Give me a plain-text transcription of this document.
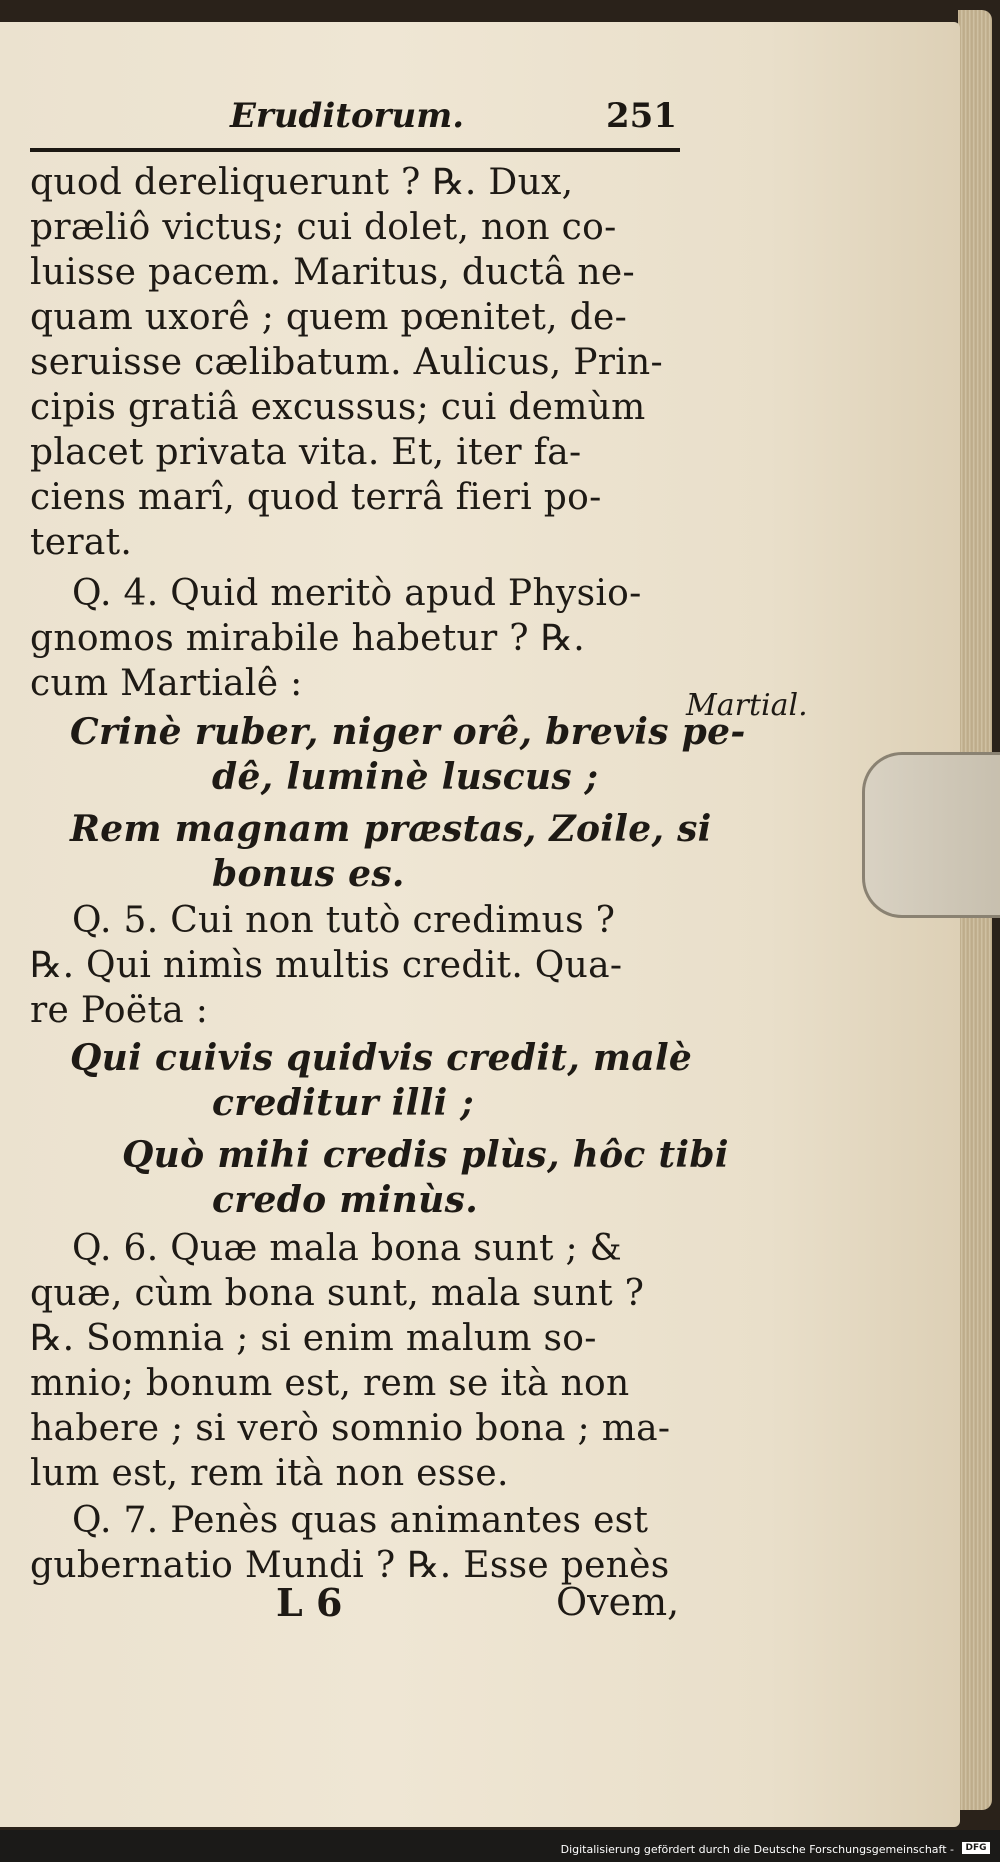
Eruditorum.	251
quod dereliquerunt ? ℞. Dux,
præliô victus; cui dolet, non co-
luisse pacem. Maritus, ductâ ne-
quam uxorê ; quem pœnitet, de-
seruisse cælibatum. Aulicus, Prin-
cipis gratiâ excussus; cui demùm
placet privata vita. Et, iter fa-
ciens marî, quod terrâ fieri po-
terat.
Q. 4. Quid meritò apud Physio-
gnomos mirabile habetur ? ℞.
cum Martialê :
Crinè ruber, niger orê, brevis pe-
dê, luminè luscus ;
Rem magnam præstas, Zoile, si
bonus es.
Q. 5. Cui non tutò credimus ?
℞. Qui nimìs multis credit. Qua-
re Poëta :
Qui cuivis quidvis credit, malè
creditur illi ;
Quò mihi credis plùs, hôc tibi
credo minùs.
Q. 6. Quæ mala bona sunt ; &
quæ, cùm bona sunt, mala sunt ?
℞. Somnia ; si enim malum so-
mnio; bonum est, rem se ità non
habere ; si verò somnio bona ; ma-
lum est, rem ità non esse.
Q. 7. Penès quas animantes est
gubernatio Mundi ? ℞. Esse penès
Martial.
L 6	Ovem,
Digitalisierung gefördert durch die Deutsche Forschungsgemeinschaft -	DFG
